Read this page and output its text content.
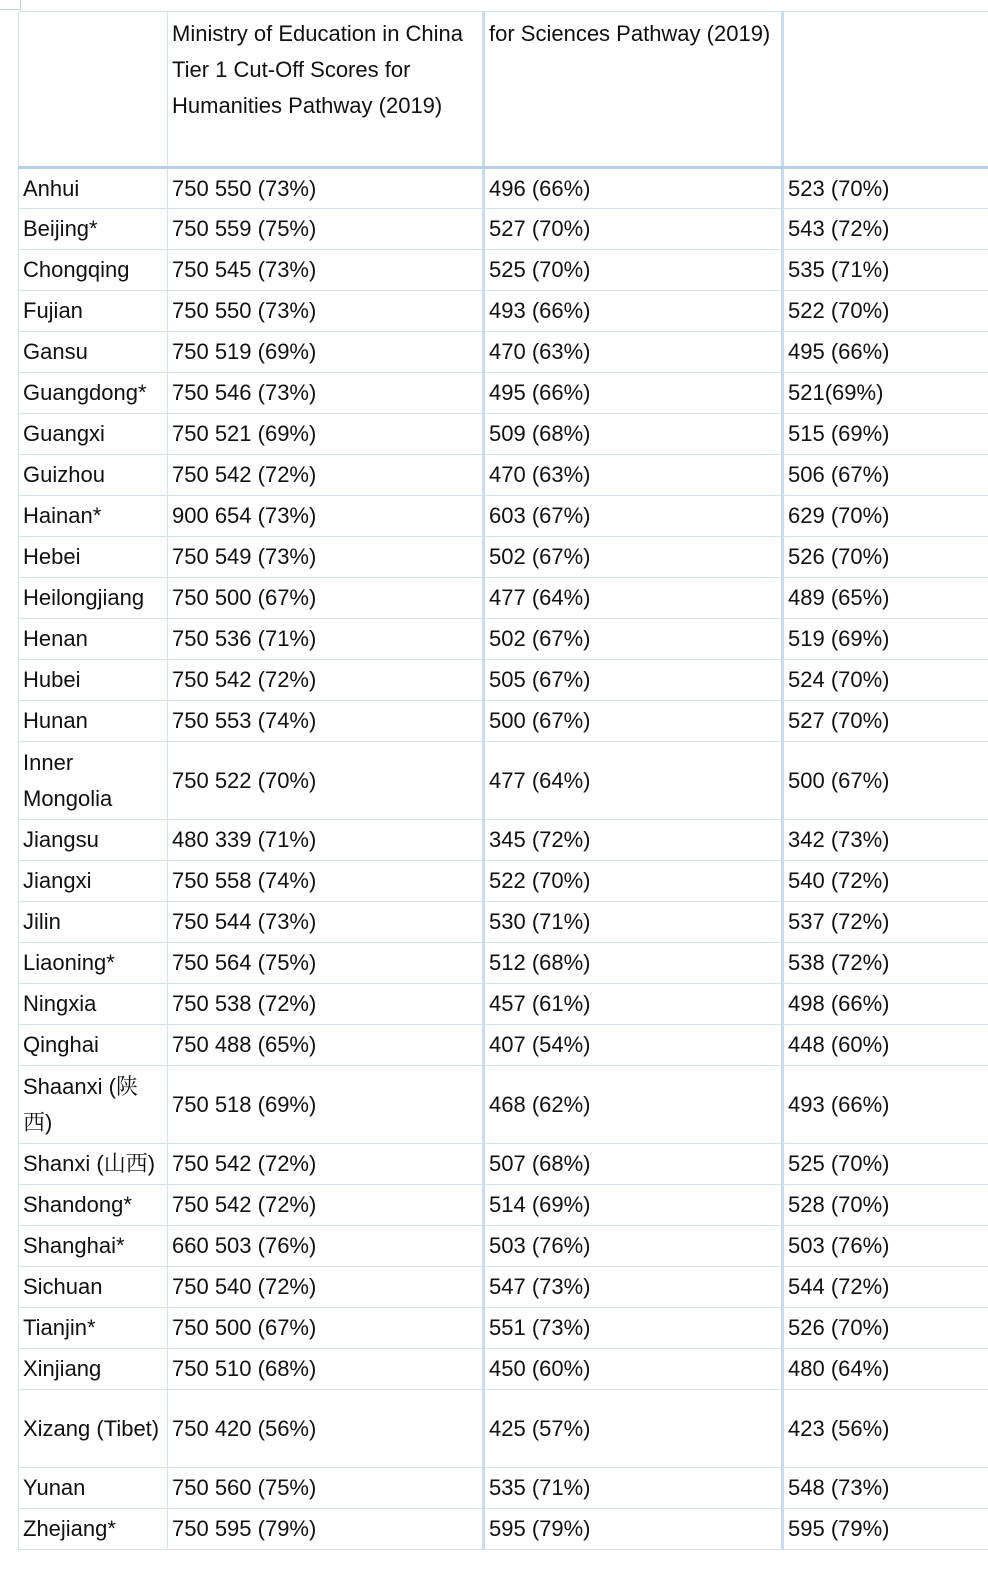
	Ministry of Education in China Tier 1 Cut-Off Scores for Humanities Pathway (2019)	for Sciences Pathway (2019)	
Anhui	750 550 (73%)	496 (66%)	523 (70%)
Beijing*	750 559 (75%)	527 (70%)	543 (72%)
Chongqing	750 545 (73%)	525 (70%)	535 (71%)
Fujian	750 550 (73%)	493 (66%)	522 (70%)
Gansu	750 519 (69%)	470 (63%)	495 (66%)
Guangdong*	750 546 (73%)	495 (66%)	521(69%)
Guangxi	750 521 (69%)	509 (68%)	515 (69%)
Guizhou	750 542 (72%)	470 (63%)	506 (67%)
Hainan*	900 654 (73%)	603 (67%)	629 (70%)
Hebei	750 549 (73%)	502 (67%)	526 (70%)
Heilongjiang	750 500 (67%)	477 (64%)	489 (65%)
Henan	750 536 (71%)	502 (67%)	519 (69%)
Hubei	750 542 (72%)	505 (67%)	524 (70%)
Hunan	750 553 (74%)	500 (67%)	527 (70%)
Inner Mongolia	750 522 (70%)	477 (64%)	500 (67%)
Jiangsu	480 339 (71%)	345 (72%)	342 (73%)
Jiangxi	750 558 (74%)	522 (70%)	540 (72%)
Jilin	750 544 (73%)	530 (71%)	537 (72%)
Liaoning*	750 564 (75%)	512 (68%)	538 (72%)
Ningxia	750 538 (72%)	457 (61%)	498 (66%)
Qinghai	750 488 (65%)	407 (54%)	448 (60%)
Shaanxi (陕西)	750 518 (69%)	468 (62%)	493 (66%)
Shanxi (山西)	750 542 (72%)	507 (68%)	525 (70%)
Shandong*	750 542 (72%)	514 (69%)	528 (70%)
Shanghai*	660 503 (76%)	503 (76%)	503 (76%)
Sichuan	750 540 (72%)	547 (73%)	544 (72%)
Tianjin*	750 500 (67%)	551 (73%)	526 (70%)
Xinjiang	750 510 (68%)	450 (60%)	480 (64%)
Xizang (Tibet)	750 420 (56%)	425 (57%)	423 (56%)
Yunan	750 560 (75%)	535 (71%)	548 (73%)
Zhejiang*	750 595 (79%)	595 (79%)	595 (79%)
